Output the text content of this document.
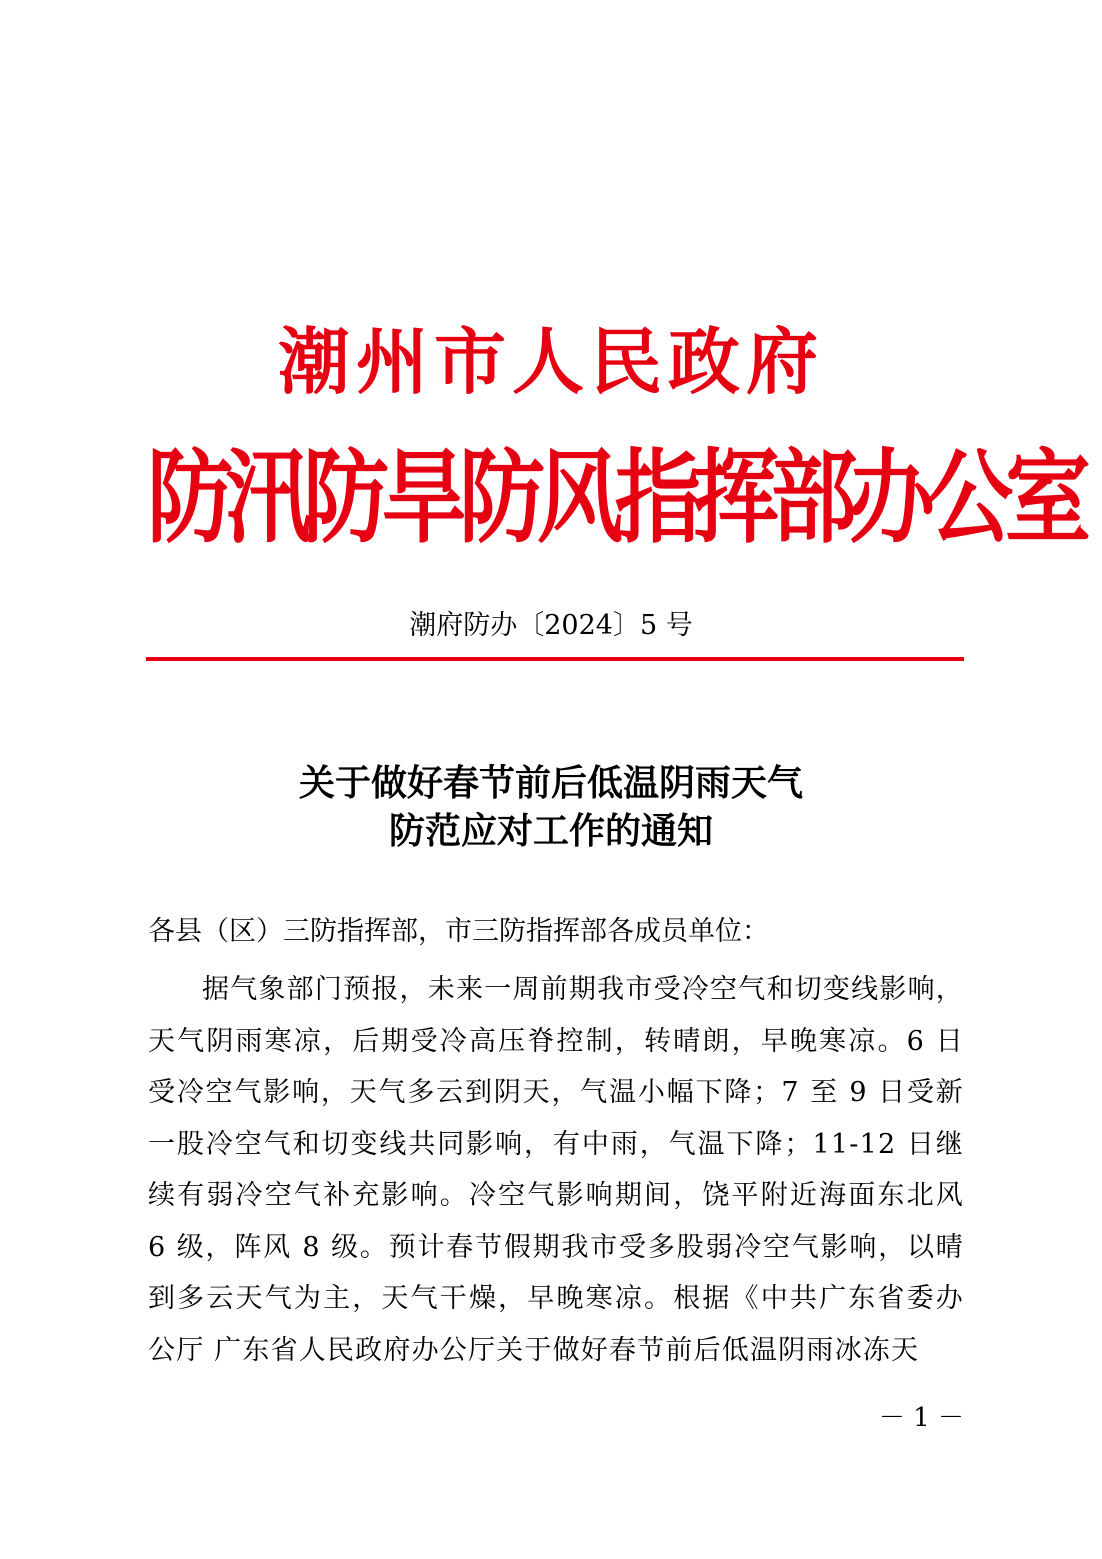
潮州市人民政府
防汛防旱防风指挥部办公室
潮府防办〔2024〕5 号
关于做好春节前后低温阴雨天气
防范应对工作的通知
各县（区）三防指挥部，市三防指挥部各成员单位：
据气象部门预报，未来一周前期我市受冷空气和切变线影响，天气阴雨寒凉，后期受冷高压脊控制，转晴朗，早晚寒凉。6 日受冷空气影响，天气多云到阴天，气温小幅下降；7 至 9 日受新一股冷空气和切变线共同影响，有中雨，气温下降；11-12 日继续有弱冷空气补充影响。冷空气影响期间，饶平附近海面东北风 6 级，阵风 8 级。预计春节假期我市受多股弱冷空气影响，以晴到多云天气为主，天气干燥，早晚寒凉。根据《中共广东省委办公厅 广东省人民政府办公厅关于做好春节前后低温阴雨冰冻天
－ 1 －
